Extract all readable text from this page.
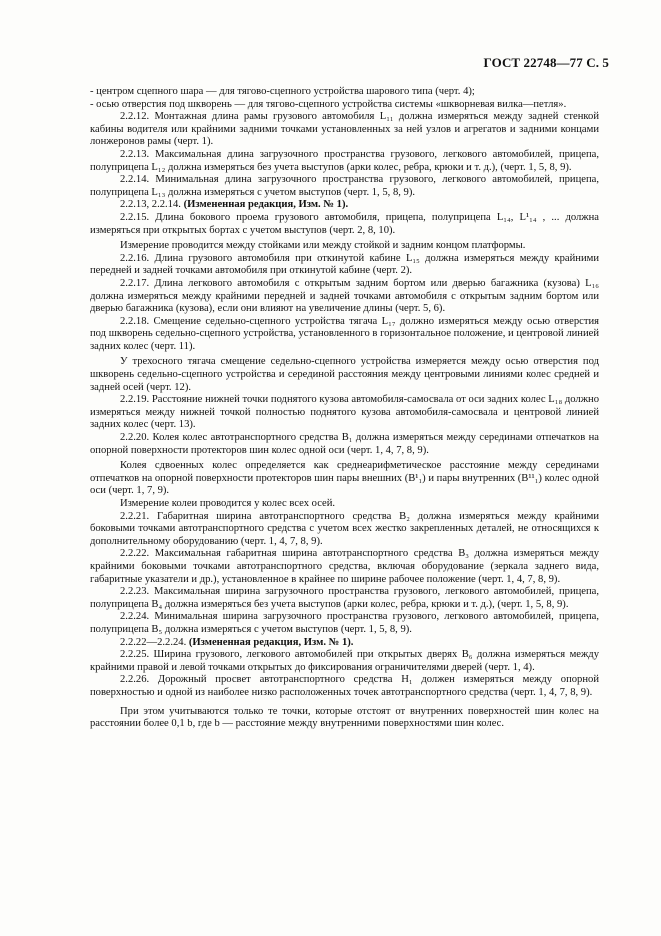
ГОСТ 22748—77 С. 5

- центром сцепного шара — для тягово-сцепного устройства шарового типа (черт. 4);

- осью отверстия под шкворень — для тягово-сцепного устройства системы «шкворневая вилка—петля».

2.2.12. Монтажная длина рамы грузового автомобиля L₁₁ должна измеряться между задней стенкой кабины водителя или крайними задними точками установленных за ней узлов и агрегатов и задними концами лонжеронов рамы (черт. 1).

2.2.13. Максимальная длина загрузочного пространства грузового, легкового автомобилей, прицепа, полуприцепа L₁₂ должна измеряться без учета выступов (арки колес, ребра, крюки и т. д.), (черт. 1, 5, 8, 9).

2.2.14. Минимальная длина загрузочного пространства грузового, легкового автомобилей, прицепа, полуприцепа L₁₃ должна измеряться с учетом выступов (черт. 1, 5, 8, 9).

2.2.13, 2.2.14. (Измененная редакция, Изм. № 1).

2.2.15. Длина бокового проема грузового автомобиля, прицепа, полуприцепа L₁₄, L¹₁₄ , ... должна измеряться при открытых бортах с учетом выступов (черт. 2, 8, 10).

Измерение проводится между стойками или между стойкой и задним концом платформы.

2.2.16. Длина грузового автомобиля при откинутой кабине L₁₅ должна измеряться между крайними передней и задней точками автомобиля при откинутой кабине (черт. 2).

2.2.17. Длина легкового автомобиля с открытым задним бортом или дверью багажника (кузова) L₁₆ должна измеряться между крайними передней и задней точками автомобиля с открытым задним бортом или дверью багажника (кузова), если они влияют на увеличение длины (черт. 5, 6).

2.2.18. Смещение седельно-сцепного устройства тягача L₁₇ должно измеряться между осью отверстия под шкворень седельно-сцепного устройства, установленного в горизонтальное положение, и центровой линией задних колес (черт. 11).

У трехосного тягача смещение седельно-сцепного устройства измеряется между осью отверстия под шкворень седельно-сцепного устройства и серединой расстояния между центровыми линиями колес средней и задней осей (черт. 12).

2.2.19. Расстояние нижней точки поднятого кузова автомобиля-самосвала от оси задних колес L₁₈ должно измеряться между нижней точкой полностью поднятого кузова автомобиля-самосвала и центровой линией задних колес (черт. 13).

2.2.20. Колея колес автотранспортного средства B₁ должна измеряться между серединами отпечатков на опорной поверхности протекторов шин колес одной оси (черт. 1, 4, 7, 8, 9).

Колея сдвоенных колес определяется как среднеарифметическое расстояние между серединами отпечатков на опорной поверхности протекторов шин пары внешних (B¹₁) и пары внутренних (B¹¹₁) колес одной оси (черт. 1, 7, 9).

Измерение колеи проводится у колес всех осей.

2.2.21. Габаритная ширина автотранспортного средства B₂ должна измеряться между крайними боковыми точками автотранспортного средства с учетом всех жестко закрепленных деталей, не относящихся к дополнительному оборудованию (черт. 1, 4, 7, 8, 9).

2.2.22. Максимальная габаритная ширина автотранспортного средства B₃ должна измеряться между крайними боковыми точками автотранспортного средства, включая оборудование (зеркала заднего вида, габаритные указатели и др.), установленное в крайнее по ширине рабочее положение (черт. 1, 4, 7, 8, 9).

2.2.23. Максимальная ширина загрузочного пространства грузового, легкового автомобилей, прицепа, полуприцепа B₄ должна измеряться без учета выступов (арки колес, ребра, крюки и т. д.), (черт. 1, 5, 8, 9).

2.2.24. Минимальная ширина загрузочного пространства грузового, легкового автомобилей, прицепа, полуприцепа B₅ должна измеряться с учетом выступов (черт. 1, 5, 8, 9).

2.2.22—2.2.24. (Измененная редакция, Изм. № 1).

2.2.25. Ширина грузового, легкового автомобилей при открытых дверях B₆ должна измеряться между крайними правой и левой точками открытых до фиксирования ограничителями дверей (черт. 1, 4).

2.2.26. Дорожный просвет автотранспортного средства H₁ должен измеряться между опорной поверхностью и одной из наиболее низко расположенных точек автотранспортного средства (черт. 1, 4, 7, 8, 9).

При этом учитываются только те точки, которые отстоят от внутренних поверхностей шин колес на расстоянии более 0,1 b, где b — расстояние между внутренними поверхностями шин колес.
